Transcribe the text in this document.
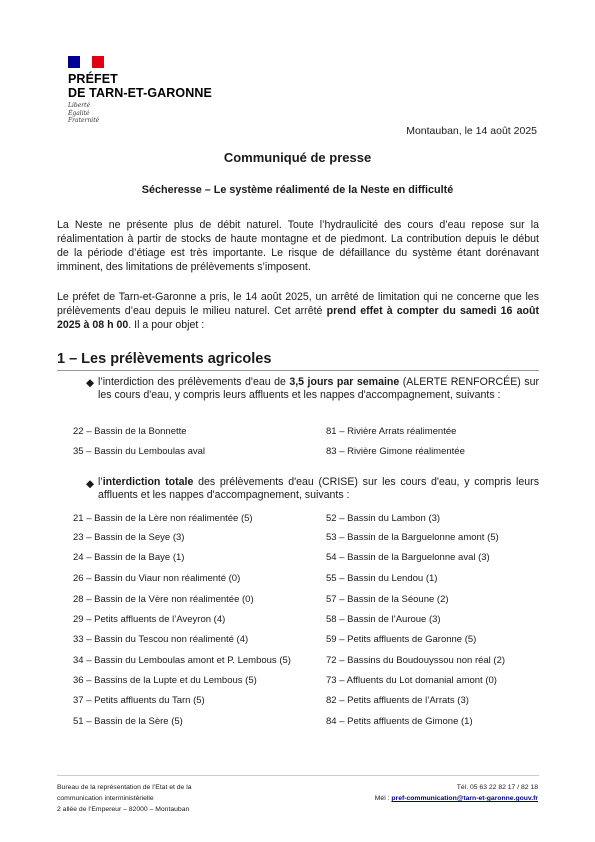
PRÉFET
DE TARN-ET-GARONNE
Liberté
Égalité
Fraternité
Montauban, le 14 août 2025
Communiqué de presse
Sécheresse – Le système réalimenté de la Neste en difficulté
La Neste ne présente plus de débit naturel. Toute l’hydraulicité des cours d’eau repose sur la réalimentation à partir de stocks de haute montagne et de piedmont. La contribution depuis le début de la période d’étiage est très importante. Le risque de défaillance du système étant dorénavant imminent, des limitations de prélèvements s’imposent.
Le préfet de Tarn-et-Garonne a pris, le 14 août 2025, un arrêté de limitation qui ne concerne que les prélèvements d’eau depuis le milieu naturel. Cet arrêté prend effet à compter du samedi 16 août 2025 à 08 h 00. Il a pour objet :
1 – Les prélèvements agricoles
◆ l’interdiction des prélèvements d'eau de 3,5 jours par semaine (ALERTE RENFORCÉE) sur les cours d'eau, y compris leurs affluents et les nappes d'accompagnement, suivants :
22 – Bassin de la Bonnette
35 – Bassin du Lemboulas aval
81 – Rivière Arrats réalimentée
83 – Rivière Gimone réalimentée
◆ l’interdiction totale des prélèvements d'eau (CRISE) sur les cours d'eau, y compris leurs affluents et les nappes d'accompagnement, suivants :
21 – Bassin de la Lère non réalimentée (5)
23 – Bassin de la Seye (3)
24 – Bassin de la Baye (1)
26 – Bassin du Viaur non réalimenté (0)
28 – Bassin de la Vère non réalimentée (0)
29 – Petits affluents de l’Aveyron (4)
33 – Bassin du Tescou non réalimenté (4)
34 – Bassin du Lemboulas amont et P. Lembous (5)
36 – Bassins de la Lupte et du Lembous (5)
37 – Petits affluents du Tarn (5)
51 – Bassin de la Sère (5)
52 – Bassin du Lambon (3)
53 – Bassin de la Barguelonne amont (5)
54 – Bassin de la Barguelonne aval (3)
55 – Bassin du Lendou (1)
57 – Bassin de la Séoune (2)
58 – Bassin de l’Auroue (3)
59 – Petits affluents de Garonne (5)
72 – Bassins du Boudouyssou non réal (2)
73 – Affluents du Lot domanial amont (0)
82 – Petits affluents de l’Arrats (3)
84 – Petits affluents de Gimone (1)
Bureau de la représentation de l’Etat et de la
communication interministérielle
2 allée de l’Empereur – 82000 – Montauban
Tél. 05 63 22 82 17 / 82 18
Mél : pref-communication@tarn-et-garonne.gouv.fr
